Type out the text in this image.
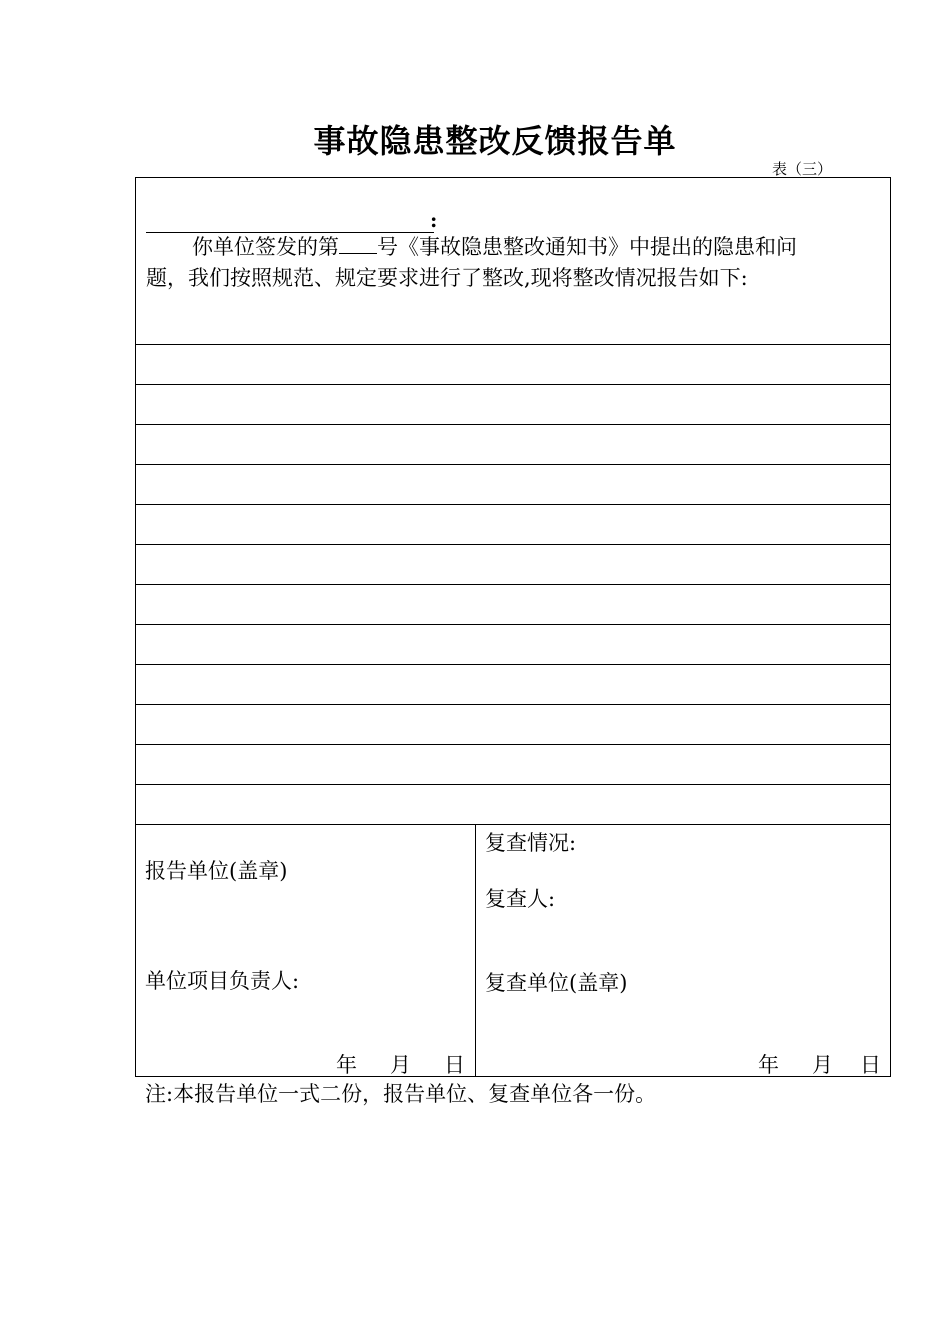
事故隐患整改反馈报告单
表（三）
:
你单位签发的第 号《事故隐患整改通知书》中提出的隐患和问
题，我们按照规范、规定要求进行了整改,现将整改情况报告如下:
报告单位(盖章)
单位项目负责人:
年 月 日
复查情况:
复查人:
复查单位(盖章)
年 月 日
注:本报告单位一式二份，报告单位、复查单位各一份。
